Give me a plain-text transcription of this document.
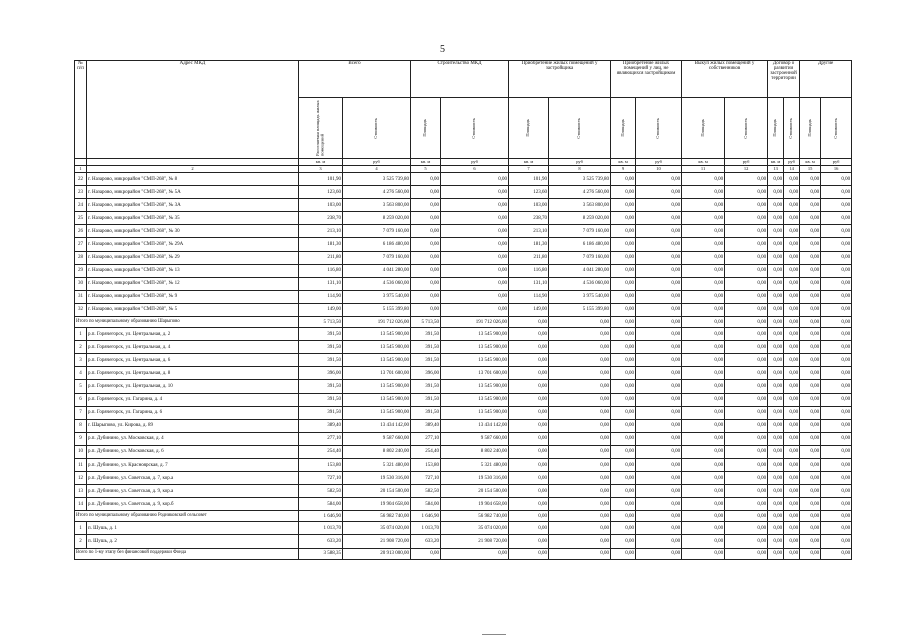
5
№ п/п	Адрес МКД	Всего		Строительство МКД		Приобретение жилых помещений у застройщика		Приобретение жилых помещений у лиц, не являющихся застройщиком		Выкуп жилых помещений у собственников		Договор о развитии застроенной территории		Другие	

		Расселяемая площадь жилых помещений	Стоимость	Площадь	Стоимость	Площадь	Стоимость	Площадь	Стоимость	Площадь	Стоимость	Площадь	Стоимость	Площадь	Стоимость

		кв. м	руб	кв. м	руб	кв. м	руб	кв. м	руб	кв. м	руб	кв. м	руб	кв. м	руб
1	2	3	4	5	6	7	8	9	10	11	12	13	14	15	16
22	г. Назарово, микрорайон "СМП-268", № 8	101,90	3 525 739,80	0,00	0,00	101,90	3 525 739,80	0,00	0,00	0,00	0,00	0,00	0,00	0,00	0,00
23	г. Назарово, микрорайон "СМП-268", № 5А	123,60	4 276 560,00	0,00	0,00	123,60	4 276 560,00	0,00	0,00	0,00	0,00	0,00	0,00	0,00	0,00
24	г. Назарово, микрорайон "СМП-268", № 3А	103,00	3 563 800,00	0,00	0,00	103,00	3 563 800,00	0,00	0,00	0,00	0,00	0,00	0,00	0,00	0,00
25	г. Назарово, микрорайон "СМП-268", № 35	238,70	8 259 020,00	0,00	0,00	238,70	8 259 020,00	0,00	0,00	0,00	0,00	0,00	0,00	0,00	0,00
26	г. Назарово, микрорайон "СМП-268", № 30	213,10	7 079 160,00	0,00	0,00	213,10	7 079 160,00	0,00	0,00	0,00	0,00	0,00	0,00	0,00	0,00
27	г. Назарово, микрорайон "СМП-268", № 29А	181,30	6 186 480,00	0,00	0,00	181,30	6 186 480,00	0,00	0,00	0,00	0,00	0,00	0,00	0,00	0,00
28	г. Назарово, микрорайон "СМП-268", № 29	211,80	7 079 160,00	0,00	0,00	211,80	7 079 160,00	0,00	0,00	0,00	0,00	0,00	0,00	0,00	0,00
29	г. Назарово, микрорайон "СМП-268", № 13	116,80	4 041 280,00	0,00	0,00	116,80	4 041 280,00	0,00	0,00	0,00	0,00	0,00	0,00	0,00	0,00
30	г. Назарово, микрорайон "СМП-268", № 12	131,10	4 536 060,00	0,00	0,00	131,10	4 536 060,00	0,00	0,00	0,00	0,00	0,00	0,00	0,00	0,00
31	г. Назарово, микрорайон "СМП-268", № 9	114,90	3 975 540,00	0,00	0,00	114,90	3 975 540,00	0,00	0,00	0,00	0,00	0,00	0,00	0,00	0,00
32	г. Назарово, микрорайон "СМП-268", № 5	149,00	5 155 399,80	0,00	0,00	149,00	5 155 399,80	0,00	0,00	0,00	0,00	0,00	0,00	0,00	0,00
Итого по муниципальному образованию Шарыпово		5 713,50	191 712 026,00	5 713,50	191 712 026,00	0,00	0,00	0,00	0,00	0,00	0,00	0,00	0,00	0,00	0,00
1	р.п. Горячегорск, ул. Центральная, д. 2	391,50	13 545 900,00	391,50	13 545 900,00	0,00	0,00	0,00	0,00	0,00	0,00	0,00	0,00	0,00	0,00
2	р.п. Горячегорск, ул. Центральная, д. 4	391,50	13 545 900,00	391,50	13 545 900,00	0,00	0,00	0,00	0,00	0,00	0,00	0,00	0,00	0,00	0,00
3	р.п. Горячегорск, ул. Центральная, д. 6	391,50	13 545 900,00	391,50	13 545 900,00	0,00	0,00	0,00	0,00	0,00	0,00	0,00	0,00	0,00	0,00
4	р.п. Горячегорск, ул. Центральная, д. 8	396,00	13 701 600,00	396,00	13 701 600,00	0,00	0,00	0,00	0,00	0,00	0,00	0,00	0,00	0,00	0,00
5	р.п. Горячегорск, ул. Центральная, д. 10	391,50	13 545 900,00	391,50	13 545 900,00	0,00	0,00	0,00	0,00	0,00	0,00	0,00	0,00	0,00	0,00
6	р.п. Горячегорск, ул. Гагарина, д. 4	391,50	13 545 900,00	391,50	13 545 900,00	0,00	0,00	0,00	0,00	0,00	0,00	0,00	0,00	0,00	0,00
7	р.п. Горячегорск, ул. Гагарина, д. 6	391,50	13 545 900,00	391,50	13 545 900,00	0,00	0,00	0,00	0,00	0,00	0,00	0,00	0,00	0,00	0,00
8	г. Шарыпово, ул. Кирова, д. 89	389,40	13 434 142,00	389,40	13 434 142,00	0,00	0,00	0,00	0,00	0,00	0,00	0,00	0,00	0,00	0,00
9	р.п. Дубинино, ул. Московская, д. 4	277,10	9 587 660,00	277,10	9 587 660,00	0,00	0,00	0,00	0,00	0,00	0,00	0,00	0,00	0,00	0,00
10	р.п. Дубинино, ул. Московская, д. 6	254,40	8 802 240,00	254,40	8 802 240,00	0,00	0,00	0,00	0,00	0,00	0,00	0,00	0,00	0,00	0,00
11	р.п. Дубинино, ул. Красноярская, д. 7	153,80	5 321 480,00	153,80	5 321 480,00	0,00	0,00	0,00	0,00	0,00	0,00	0,00	0,00	0,00	0,00
12	р.п. Дубинино, ул. Советская, д. 7, кор.а	727,10	19 530 316,00	727,10	19 530 316,00	0,00	0,00	0,00	0,00	0,00	0,00	0,00	0,00	0,00	0,00
13	р.п. Дубинино, ул. Советская, д. 9, кор.а	582,50	20 154 500,00	582,50	20 154 500,00	0,00	0,00	0,00	0,00	0,00	0,00	0,00	0,00	0,00	0,00
14	р.п. Дубинино, ул. Советская, д. 9, кор.б	584,00	19 904 658,00	584,00	19 904 658,00	0,00	0,00	0,00	0,00	0,00	0,00	0,00	0,00	0,00	0,00
Итого по муниципальному образованию Родниковский сельсовет		1 646,90	56 982 740,00	1 646,90	56 982 740,00	0,00	0,00	0,00	0,00	0,00	0,00	0,00	0,00	0,00	0,00
1	п. Шушь, д. 1	1 013,70	35 074 020,00	1 013,70	35 074 020,00	0,00	0,00	0,00	0,00	0,00	0,00	0,00	0,00	0,00	0,00
2	п. Шушь, д. 2	633,20	21 908 720,00	633,20	21 908 720,00	0,00	0,00	0,00	0,00	0,00	0,00	0,00	0,00	0,00	0,00
Всего по 1-му этапу без финансовой поддержки Фонда		3 588,35	20 913 000,00	0,00	0,00	0,00	0,00	0,00	0,00	0,00	0,00	0,00	0,00	0,00	0,00
